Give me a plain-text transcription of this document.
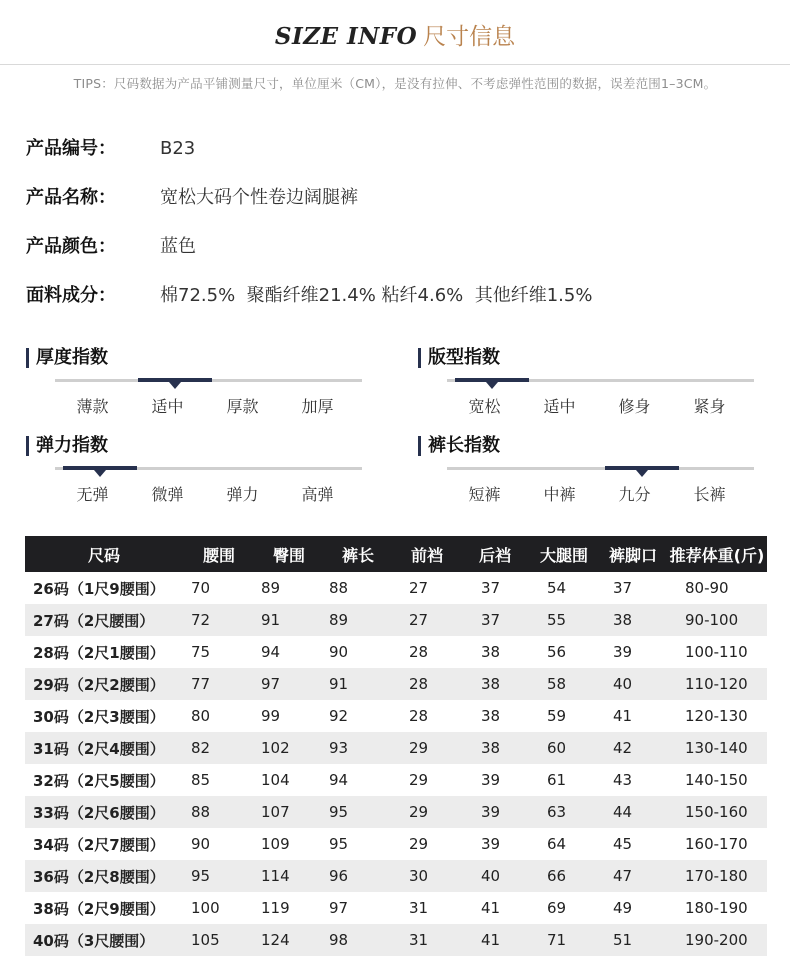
SIZE INFO 尺寸信息
TIPS：尺码数据为产品平铺测量尺寸，单位厘米（CM），是没有拉伸、不考虑弹性范围的数据，误差范围1–3CM。
产品编号： B23
产品名称： 宽松大码个性卷边阔腿裤
产品颜色： 蓝色
面料成分： 棉72.5%  聚酯纤维21.4% 粘纤4.6%  其他纤维1.5%
厚度指数
薄款	适中	厚款	加厚
版型指数
宽松	适中	修身	紧身
弹力指数
无弹	微弹	弹力	高弹
裤长指数
短裤	中裤	九分	长裤
尺码	腰围	臀围	裤长	前裆	后裆	大腿围	裤脚口	推荐体重(斤)
26码（1尺9腰围）	70	89	88	27	37	54	37	80-90
27码（2尺腰围）	72	91	89	27	37	55	38	90-100
28码（2尺1腰围）	75	94	90	28	38	56	39	100-110
29码（2尺2腰围）	77	97	91	28	38	58	40	110-120
30码（2尺3腰围）	80	99	92	28	38	59	41	120-130
31码（2尺4腰围）	82	102	93	29	38	60	42	130-140
32码（2尺5腰围）	85	104	94	29	39	61	43	140-150
33码（2尺6腰围）	88	107	95	29	39	63	44	150-160
34码（2尺7腰围）	90	109	95	29	39	64	45	160-170
36码（2尺8腰围）	95	114	96	30	40	66	47	170-180
38码（2尺9腰围）	100	119	97	31	41	69	49	180-190
40码（3尺腰围）	105	124	98	31	41	71	51	190-200
